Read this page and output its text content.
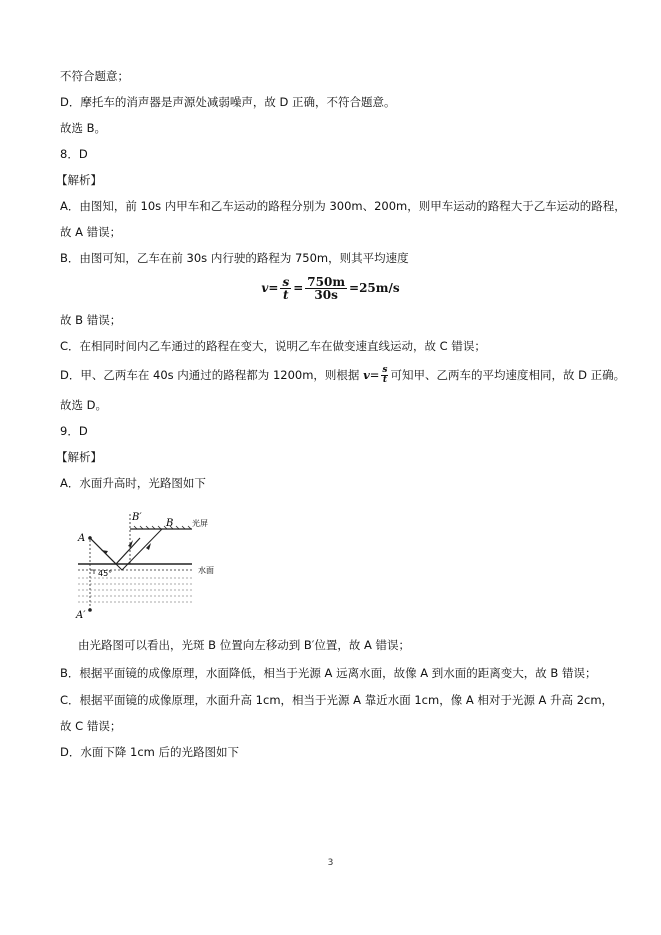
不符合题意；
D．摩托车的消声器是声源处减弱噪声，故 D 正确，不符合题意。
故选 B。
8．D
【解析】
A．由图知，前 10s 内甲车和乙车运动的路程分别为 300m、200m，则甲车运动的路程大于乙车运动的路程，
故 A 错误；
B．由图可知，乙车在前 30s 内行驶的路程为 750m，则其平均速度
$v= \frac{s}{t} = \frac{750m}{30s} =25m/s$
故 B 错误；
C．在相同时间内乙车通过的路程在变大，说明乙车在做变速直线运动，故 C 错误；
D．甲、乙两车在 40s 内通过的路程都为 1200m，则根据 $v= \frac{s}{t}$ 可知甲、乙两车的平均速度相同，故 D 正确。
故选 D。
9．D
【解析】
A．水面升高时，光路图如下
A
B′
B 光屏
45°	水面
A′
由光路图可以看出，光斑 B 位置向左移动到 B′位置，故 A 错误；
B．根据平面镜的成像原理，水面降低，相当于光源 A 远离水面，故像 A 到水面的距离变大，故 B 错误；
C．根据平面镜的成像原理，水面升高 1cm，相当于光源 A 靠近水面 1cm，像 A 相对于光源 A 升高 2cm，
故 C 错误；
D．水面下降 1cm 后的光路图如下
3
